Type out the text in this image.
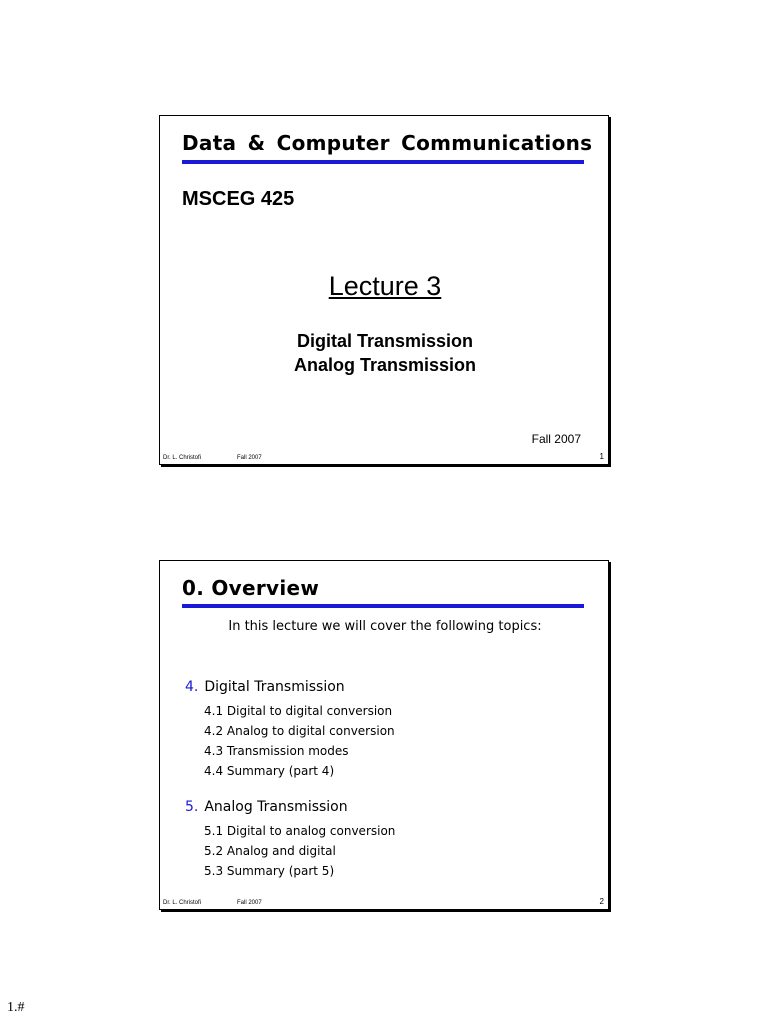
Data & Computer Communications
MSCEG 425
Lecture 3
Digital Transmission
Analog Transmission
Fall 2007
Dr. L. Christofi	Fall 2007	1
0. Overview
In this lecture we will cover the following topics:
4. Digital Transmission
4.1 Digital to digital conversion
4.2 Analog to digital conversion
4.3 Transmission modes
4.4 Summary (part 4)
5. Analog Transmission
5.1 Digital to analog conversion
5.2 Analog and digital
5.3 Summary (part 5)
Dr. L. Christofi	Fall 2007	2
1.#
